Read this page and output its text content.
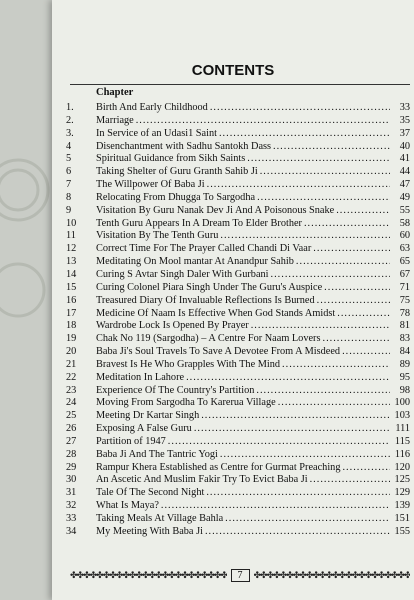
CONTENTS
Chapter
1.	Birth And Early Childhood .....	33
2.	Marriage .....	35
3.	In Service of an Udasi1 Saint .....	37
4	Disenchantment with Sadhu Santokh Dass .....	40
5	Spiritual Guidance from Sikh Saints .....	41
6	Taking Shelter of Guru Granth Sahib Ji .....	44
7	The Willpower Of Baba Ji .....	47
8	Relocating From Dhugga To Sargodha .....	49
9	Visitation By Guru Nanak Dev Ji And A Poisonous Snake .....	55
10	Tenth Guru Appears In A Dream To Elder Brother .....	58
11	Visitation By The Tenth Guru .....	60
12	Correct Time For The Prayer Called Chandi Di Vaar .....	63
13	Meditating On Mool mantar At Anandpur Sahib .....	65
14	Curing S Avtar Singh Daler With Gurbani .....	67
15	Curing Colonel Piara Singh Under The Guru's Auspice .....	71
16	Treasured Diary Of Invaluable Reflections Is Burned .....	75
17	Medicine Of Naam Is Effective When God Stands Amidst .....	78
18	Wardrobe Lock Is Opened By Prayer .....	81
19	Chak No 119 (Sargodha) – A Centre For Naam Lovers .....	83
20	Baba Ji's Soul Travels To Save A Devotee From A Misdeed .....	84
21	Bravest Is He Who Grapples With The Mind .....	89
22	Meditation In Lahore .....	95
23	Experience Of The Country's Partition .....	98
24	Moving From Sargodha To Karerua Village .....	100
25	Meeting Dr Kartar Singh .....	103
26	Exposing A False Guru .....	111
27	Partition of 1947 .....	115
28	Baba Ji And The Tantric Yogi .....	116
29	Rampur Khera Established as Centre for Gurmat Preaching .....	120
30	An Ascetic And Muslim Fakir Try To Evict Baba Ji .....	125
31	Tale Of The Second Night .....	129
32	What Is Maya? .....	139
33	Taking Meals At Village Bahla .....	151
34	My Meeting With Baba Ji .....	155
✤✤✤✤✤✤✤✤✤✤✤✤✤✤✤✤✤✤✤✤✤✤✤✤
7
✤✤✤✤✤✤✤✤✤✤✤✤✤✤✤✤✤✤✤✤✤✤✤✤
